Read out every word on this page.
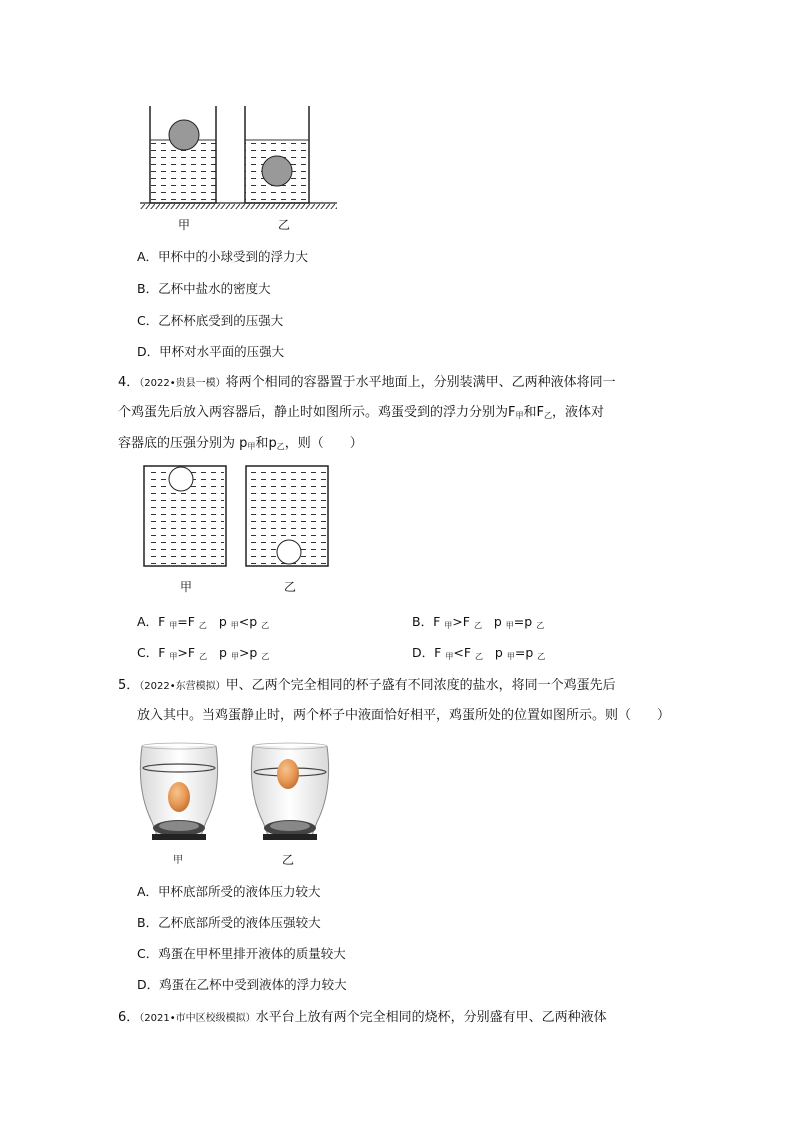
甲	乙
A．甲杯中的小球受到的浮力大
B．乙杯中盐水的密度大
C．乙杯杯底受到的压强大
D．甲杯对水平面的压强大
4．（2022•贵县一模）将两个相同的容器置于水平地面上，分别装满甲、乙两种液体将同一
个鸡蛋先后放入两容器后，静止时如图所示。鸡蛋受到的浮力分别为$F_甲$和$F_乙$，液体对
容器底的压强分别为 $p_甲$和$p_乙$，则（　　）
甲	乙
A．F $_甲$=F $_乙$ p $_甲$<p $_乙$	B．F $_甲$>F $_乙$ p $_甲$=p $_乙$
C．F $_甲$>F $_乙$ p $_甲$>p $_乙$	D．F $_甲$<F $_乙$ p $_甲$=p $_乙$
5．（2022•东营模拟）甲、乙两个完全相同的杯子盛有不同浓度的盐水，将同一个鸡蛋先后
放入其中。当鸡蛋静止时，两个杯子中液面恰好相平，鸡蛋所处的位置如图所示。则（　　）
甲	乙
A．甲杯底部所受的液体压力较大
B．乙杯底部所受的液体压强较大
C．鸡蛋在甲杯里排开液体的质量较大
D．鸡蛋在乙杯中受到液体的浮力较大
6．（2021•市中区校级模拟）水平台上放有两个完全相同的烧杯，分别盛有甲、乙两种液体
